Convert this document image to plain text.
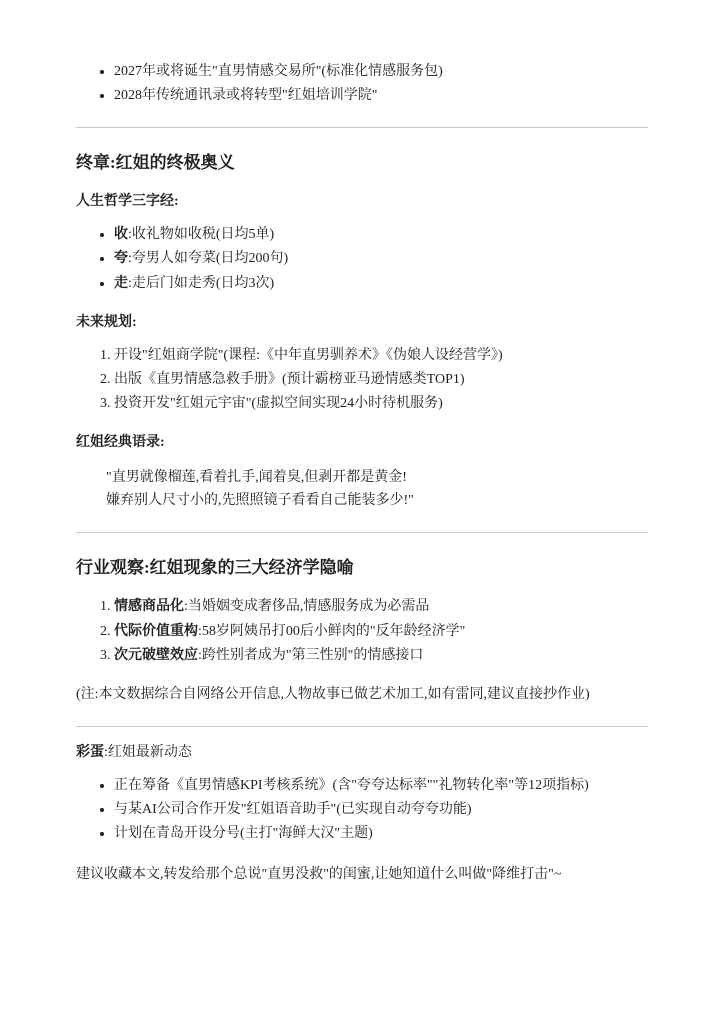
• 2027年或将诞生"直男情感交易所"(标准化情感服务包)
• 2028年传统通讯录或将转型"红姐培训学院"
终章:红姐的终极奥义
人生哲学三字经:
• 收:收礼物如收税(日均5单)
• 夸:夸男人如夸菜(日均200句)
• 走:走后门如走秀(日均3次)
未来规划:
1. 开设"红姐商学院"(课程:《中年直男驯养术》《伪娘人设经营学》)
2. 出版《直男情感急救手册》(预计霸榜亚马逊情感类TOP1)
3. 投资开发"红姐元宇宙"(虚拟空间实现24小时待机服务)
红姐经典语录:
"直男就像榴莲,看着扎手,闻着臭,但剥开都是黄金!
嫌弃别人尺寸小的,先照照镜子看看自己能装多少!"
行业观察:红姐现象的三大经济学隐喻
1. 情感商品化:当婚姻变成奢侈品,情感服务成为必需品
2. 代际价值重构:58岁阿姨吊打00后小鲜肉的"反年龄经济学"
3. 次元破壁效应:跨性别者成为"第三性别"的情感接口

(注:本文数据综合自网络公开信息,人物故事已做艺术加工,如有雷同,建议直接抄作业)

彩蛋:红姐最新动态
• 正在筹备《直男情感KPI考核系统》(含"夸夸达标率""礼物转化率"等12项指标)
• 与某AI公司合作开发"红姐语音助手"(已实现自动夸夸功能)
• 计划在青岛开设分号(主打"海鲜大汉"主题)

建议收藏本文,转发给那个总说"直男没救"的闺蜜,让她知道什么叫做"降维打击"~
